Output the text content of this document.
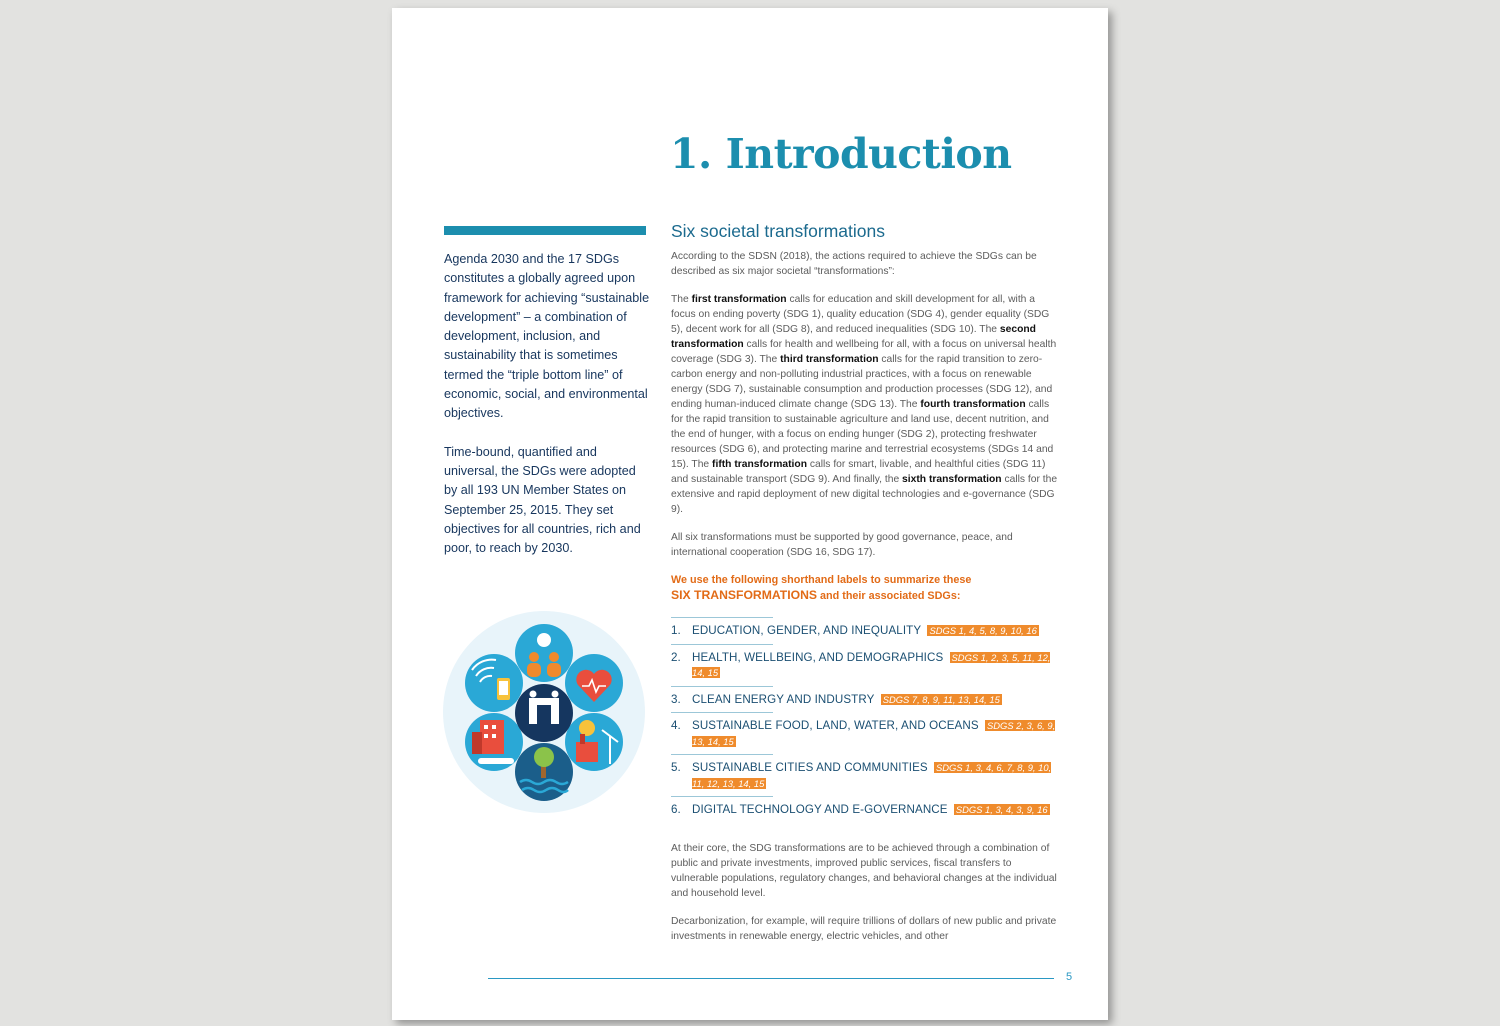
1. Introduction

Agenda 2030 and the 17 SDGs constitutes a globally agreed upon framework for achieving “sustainable development” – a combination of development, inclusion, and sustainability that is sometimes termed the “triple bottom line” of economic, social, and environmental objectives.

Time-bound, quantified and universal, the SDGs were adopted by all 193 UN Member States on September 25, 2015. They set objectives for all countries, rich and poor, to reach by 2030.

Six societal transformations

According to the SDSN (2018), the actions required to achieve the SDGs can be described as six major societal “transformations”:

The first transformation calls for education and skill development for all, with a focus on ending poverty (SDG 1), quality education (SDG 4), gender equality (SDG 5), decent work for all (SDG 8), and reduced inequalities (SDG 10). The second transformation calls for health and wellbeing for all, with a focus on universal health coverage (SDG 3). The third transformation calls for the rapid transition to zero-carbon energy and non-polluting industrial practices, with a focus on renewable energy (SDG 7), sustainable consumption and production processes (SDG 12), and ending human-induced climate change (SDG 13). The fourth transformation calls for the rapid transition to sustainable agriculture and land use, decent nutrition, and the end of hunger, with a focus on ending hunger (SDG 2), protecting freshwater resources (SDG 6), and protecting marine and terrestrial ecosystems (SDGs 14 and 15). The fifth transformation calls for smart, livable, and healthful cities (SDG 11) and sustainable transport (SDG 9). And finally, the sixth transformation calls for the extensive and rapid deployment of new digital technologies and e-governance (SDG 9).

All six transformations must be supported by good governance, peace, and international cooperation (SDG 16, SDG 17).

We use the following shorthand labels to summarize these
SIX TRANSFORMATIONS and their associated SDGs:

1. EDUCATION, GENDER, AND INEQUALITY SDGS 1, 4, 5, 8, 9, 10, 16
2. HEALTH, WELLBEING, AND DEMOGRAPHICS SDGS 1, 2, 3, 5, 11, 12, 14, 15
3. CLEAN ENERGY AND INDUSTRY SDGS 7, 8, 9, 11, 13, 14, 15
4. SUSTAINABLE FOOD, LAND, WATER, AND OCEANS SDGS 2, 3, 6, 9, 13, 14, 15
5. SUSTAINABLE CITIES AND COMMUNITIES SDGS 1, 3, 4, 6, 7, 8, 9, 10, 11, 12, 13, 14, 15
6. DIGITAL TECHNOLOGY AND E-GOVERNANCE SDGS 1, 3, 4, 3, 9, 16

At their core, the SDG transformations are to be achieved through a combination of public and private investments, improved public services, fiscal transfers to vulnerable populations, regulatory changes, and behavioral changes at the individual and household level.

Decarbonization, for example, will require trillions of dollars of new public and private investments in renewable energy, electric vehicles, and other

5
